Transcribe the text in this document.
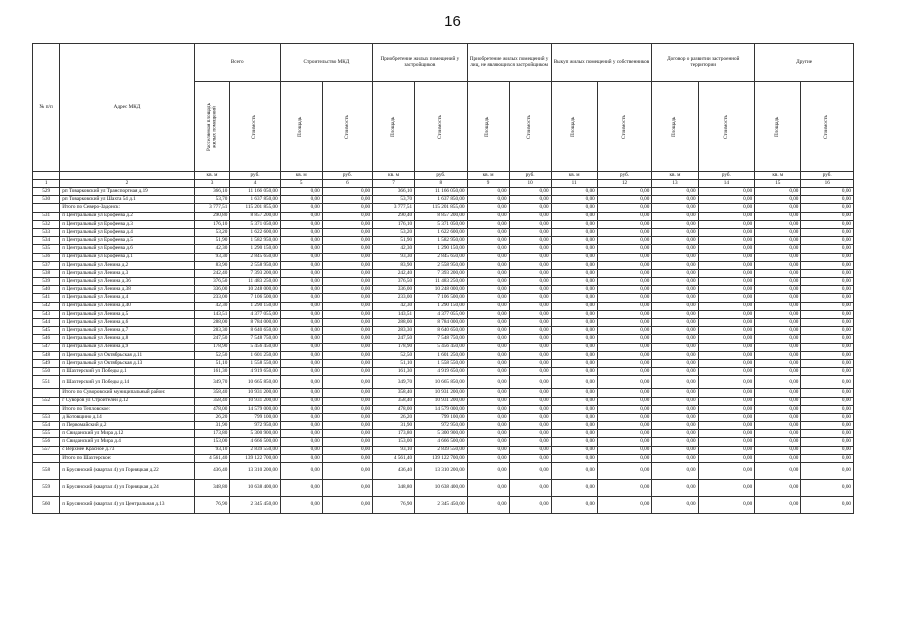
16
№ п/п	Адрес МКД	Всего		Строительство МКД		Приобретение жилых помещений у застройщиков		Приобретение жилых помещений у лиц, не являющихся застройщиком		Выкуп жилых помещений у собственников		Договор о развитии застроенной территории		Другие	

		Расселяемая площадь жилых помещений	Стоимость	Площадь	Стоимость	Площадь	Стоимость	Площадь	Стоимость	Площадь	Стоимость	Площадь	Стоимость	Площадь	Стоимость

		кв. м	руб.	кв. м	руб.	кв. м	руб.	кв. м	руб.	кв. м	руб.	кв. м	руб.	кв. м	руб.
1	2	3	4	5	6	7	8	9	10	11	12	13	14	15	16
529	рп Товарковский ул Транспортная д.19	366,10	11 166 050,00	0,00	0,00	366,10	11 166 050,00	0,00	0,00	0,00	0,00	0,00	0,00	0,00	0,00
530	рп Товарковский ул Шахта 54 д.1	53,70	1 637 850,00	0,00	0,00	53,70	1 637 850,00	0,00	0,00	0,00	0,00	0,00	0,00	0,00	0,00
	Итого по Северо-Задонск:	3 777,51	115 201 855,00	0,00	0,00	3 777,51	115 201 855,00	0,00	0,00	0,00	0,00	0,00	0,00	0,00	0,00
531	п Центральный ул Ерофеева д.2	290,80	8 857 200,00	0,00	0,00	290,40	8 857 200,00	0,00	0,00	0,00	0,00	0,00	0,00	0,00	0,00
532	п Центральный ул Ерофеева д.3	176,10	5 371 050,00	0,00	0,00	176,10	5 371 050,00	0,00	0,00	0,00	0,00	0,00	0,00	0,00	0,00
533	п Центральный ул Ерофеева д.4	53,20	1 622 600,00	0,00	0,00	53,20	1 622 600,00	0,00	0,00	0,00	0,00	0,00	0,00	0,00	0,00
534	п Центральный ул Ерофеева д.5	51,90	1 582 950,00	0,00	0,00	51,90	1 582 950,00	0,00	0,00	0,00	0,00	0,00	0,00	0,00	0,00
535	п Центральный ул Ерофеева д.6	42,30	1 290 150,00	0,00	0,00	42,30	1 290 150,00	0,00	0,00	0,00	0,00	0,00	0,00	0,00	0,00
536	п Центральный ул Ерофеева д.1	93,30	2 845 650,00	0,00	0,00	93,30	2 845 650,00	0,00	0,00	0,00	0,00	0,00	0,00	0,00	0,00
537	п Центральный ул Ленина д.2	83,90	2 558 950,00	0,00	0,00	83,90	2 558 950,00	0,00	0,00	0,00	0,00	0,00	0,00	0,00	0,00
538	п Центральный ул Ленина д.3	242,40	7 393 200,00	0,00	0,00	242,40	7 393 200,00	0,00	0,00	0,00	0,00	0,00	0,00	0,00	0,00
539	п Центральный ул Ленина д.36	376,50	11 483 250,00	0,00	0,00	376,50	11 483 250,00	0,00	0,00	0,00	0,00	0,00	0,00	0,00	0,00
540	п Центральный ул Ленина д.38	336,00	10 248 000,00	0,00	0,00	336,00	10 248 000,00	0,00	0,00	0,00	0,00	0,00	0,00	0,00	0,00
541	п Центральный ул Ленина д.4	233,00	7 106 500,00	0,00	0,00	233,00	7 106 500,00	0,00	0,00	0,00	0,00	0,00	0,00	0,00	0,00
542	п Центральный ул Ленина д.40	42,30	1 290 150,00	0,00	0,00	42,30	1 290 150,00	0,00	0,00	0,00	0,00	0,00	0,00	0,00	0,00
543	п Центральный ул Ленина д.5	143,51	4 377 055,00	0,00	0,00	143,51	4 377 055,00	0,00	0,00	0,00	0,00	0,00	0,00	0,00	0,00
544	п Центральный ул Ленина д.6	288,00	8 784 000,00	0,00	0,00	288,00	8 784 000,00	0,00	0,00	0,00	0,00	0,00	0,00	0,00	0,00
545	п Центральный ул Ленина д.7	283,30	8 640 650,00	0,00	0,00	283,30	8 640 650,00	0,00	0,00	0,00	0,00	0,00	0,00	0,00	0,00
546	п Центральный ул Ленина д.8	247,50	7 548 750,00	0,00	0,00	247,50	7 548 750,00	0,00	0,00	0,00	0,00	0,00	0,00	0,00	0,00
547	п Центральный ул Ленина д.9	178,90	5 456 450,00	0,00	0,00	178,90	5 456 450,00	0,00	0,00	0,00	0,00	0,00	0,00	0,00	0,00
548	п Центральный ул Октябрьская д.11	52,50	1 601 250,00	0,00	0,00	52,50	1 601 250,00	0,00	0,00	0,00	0,00	0,00	0,00	0,00	0,00
549	п Центральный ул Октябрьская д.13	51,10	1 558 550,00	0,00	0,00	51,10	1 558 550,00	0,00	0,00	0,00	0,00	0,00	0,00	0,00	0,00
550	п Шахтерский ул Победы д.1	161,30	4 919 650,00	0,00	0,00	161,30	4 919 650,00	0,00	0,00	0,00	0,00	0,00	0,00	0,00	0,00
551	п Шахтерский ул Победы д.14	349,70	10 665 850,00	0,00	0,00	349,70	10 665 850,00	0,00	0,00	0,00	0,00	0,00	0,00	0,00	0,00
	Итого по Суворовский муниципальный район:	358,40	10 931 200,00	0,00	0,00	358,40	10 931 200,00	0,00	0,00	0,00	0,00	0,00	0,00	0,00	0,00
552	г Суворов ул Строителей д.12	358,40	10 931 200,00	0,00	0,00	358,40	10 931 200,00	0,00	0,00	0,00	0,00	0,00	0,00	0,00	0,00
	Итого по Тепловское:	478,00	14 579 000,00	0,00	0,00	478,00	14 579 000,00	0,00	0,00	0,00	0,00	0,00	0,00	0,00	0,00
553	д Котовщино д.14	26,20	799 100,00	0,00	0,00	26,20	799 100,00	0,00	0,00	0,00	0,00	0,00	0,00	0,00	0,00
554	п Первомайский д.2	31,90	972 950,00	0,00	0,00	31,90	972 950,00	0,00	0,00	0,00	0,00	0,00	0,00	0,00	0,00
555	п Свиданский ул Мира д.12	173,80	5 300 900,00	0,00	0,00	173,80	5 300 900,00	0,00	0,00	0,00	0,00	0,00	0,00	0,00	0,00
556	п Свиданский ул Мира д.4	153,00	4 666 500,00	0,00	0,00	153,00	4 666 500,00	0,00	0,00	0,00	0,00	0,00	0,00	0,00	0,00
557	с Верхнее Красное д.73	93,10	2 839 550,00	0,00	0,00	93,10	2 839 550,00	0,00	0,00	0,00	0,00	0,00	0,00	0,00	0,00
	Итого по Шахтерское:	4 561,40	139 122 700,00	0,00	0,00	4 561,40	139 122 700,00	0,00	0,00	0,00	0,00	0,00	0,00	0,00	0,00
558	п Брусянский (квартал 4) ул Горняцкая д.22	436,40	13 310 200,00	0,00	0,00	436,40	13 310 200,00	0,00	0,00	0,00	0,00	0,00	0,00	0,00	0,00
559	п Брусянский (квартал 4) ул Горняцкая д.24	348,80	10 638 400,00	0,00	0,00	348,80	10 638 400,00	0,00	0,00	0,00	0,00	0,00	0,00	0,00	0,00
560	п Брусянский (квартал 4) ул Центральная д.13	76,90	2 345 450,00	0,00	0,00	76,90	2 345 450,00	0,00	0,00	0,00	0,00	0,00	0,00	0,00	0,00
